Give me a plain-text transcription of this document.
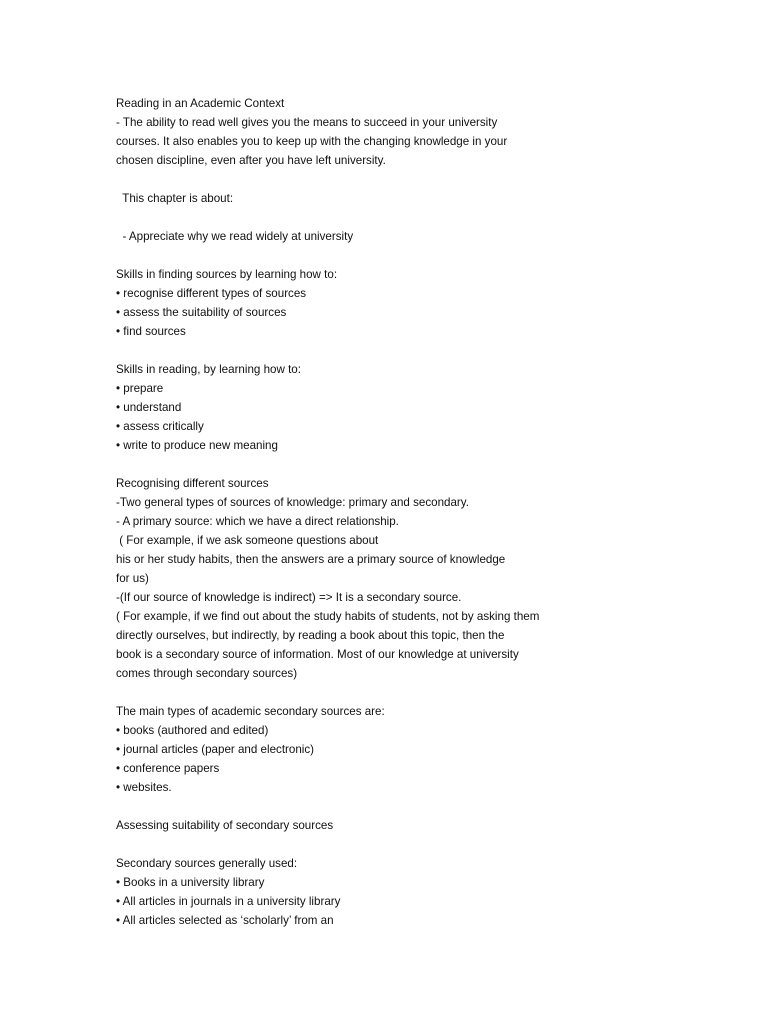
Reading in an Academic Context
- The ability to read well gives you the means to succeed in your university
courses. It also enables you to keep up with the changing knowledge in your
chosen discipline, even after you have left university.
This chapter is about:
- Appreciate why we read widely at university
Skills in finding sources by learning how to:
• recognise different types of sources
• assess the suitability of sources
• find sources
Skills in reading, by learning how to:
• prepare
• understand
• assess critically
• write to produce new meaning
Recognising different sources
-Two general types of sources of knowledge: primary and secondary.
- A primary source: which we have a direct relationship.
( For example, if we ask someone questions about
his or her study habits, then the answers are a primary source of knowledge
for us)
-(If our source of knowledge is indirect) => It is a secondary source.
( For example, if we find out about the study habits of students, not by asking them
directly ourselves, but indirectly, by reading a book about this topic, then the
book is a secondary source of information. Most of our knowledge at university
comes through secondary sources)
The main types of academic secondary sources are:
• books (authored and edited)
• journal articles (paper and electronic)
• conference papers
• websites.
Assessing suitability of secondary sources
Secondary sources generally used:
• Books in a university library
• All articles in journals in a university library
• All articles selected as ‘scholarly’ from an
